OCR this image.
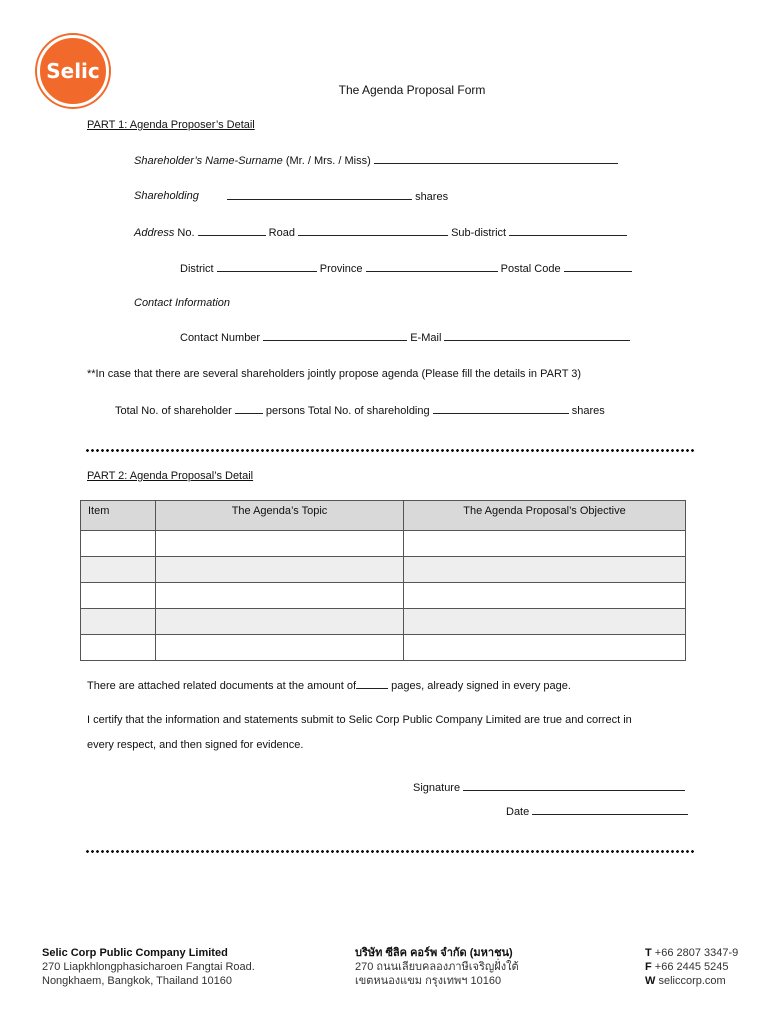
Selic
The Agenda Proposal Form
PART 1: Agenda Proposer’s Detail
Shareholder’s Name-Surname (Mr. / Mrs. / Miss)
Shareholding	shares
Address No.	Road	Sub-district
District	Province	Postal Code
Contact Information
Contact Number	E-Mail
**In case that there are several shareholders jointly propose agenda (Please fill the details in PART 3)
Total No. of shareholder	persons Total No. of shareholding	shares
PART 2: Agenda Proposal’s Detail
Item	The Agenda’s Topic	The Agenda Proposal’s Objective

There are attached related documents at the amount of	pages, already signed in every page.
I certify that the information and statements submit to Selic Corp Public Company Limited are true and correct in
every respect, and then signed for evidence.
Signature
Date
Selic Corp Public Company Limited
270 Liapkhlongphasicharoen Fangtai Road.
Nongkhaem, Bangkok, Thailand 10160
บริษัท ซีลิค คอร์พ จำกัด (มหาชน)
270 ถนนเลียบคลองภาษีเจริญฝั่งใต้
เขตหนองแขม กรุงเทพฯ 10160
T +66 2807 3347-9
F +66 2445 5245
W seliccorp.com
